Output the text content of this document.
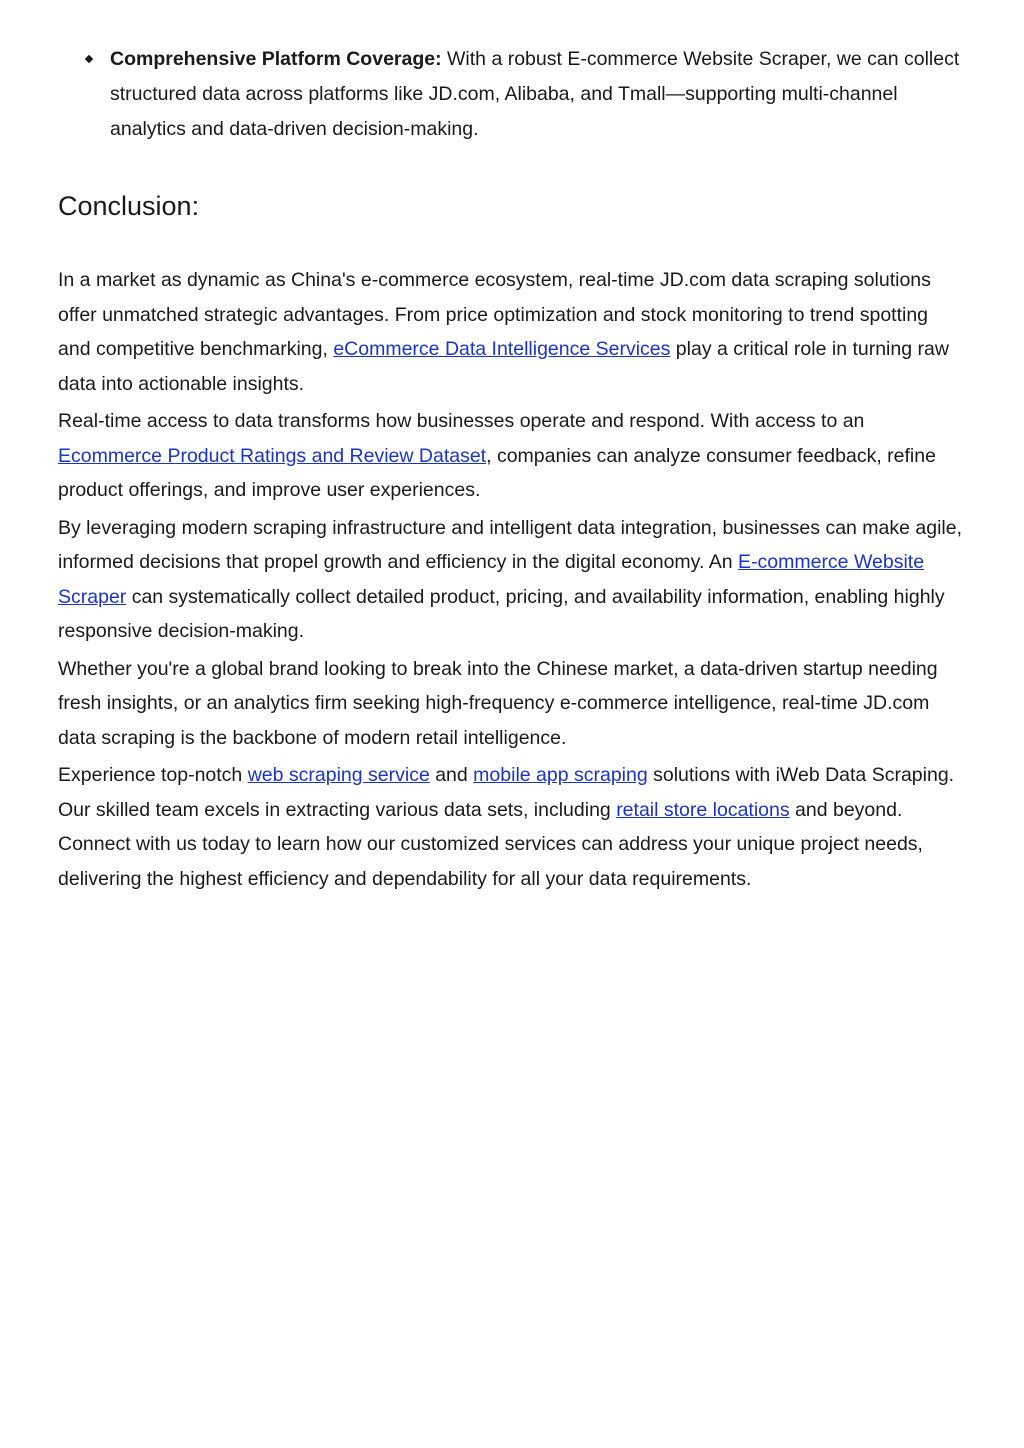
Comprehensive Platform Coverage: With a robust E-commerce Website Scraper, we can collect structured data across platforms like JD.com, Alibaba, and Tmall—supporting multi-channel analytics and data-driven decision-making.
Conclusion:

In a market as dynamic as China's e-commerce ecosystem, real-time JD.com data scraping solutions offer unmatched strategic advantages. From price optimization and stock monitoring to trend spotting and competitive benchmarking, eCommerce Data Intelligence Services play a critical role in turning raw data into actionable insights.

Real-time access to data transforms how businesses operate and respond. With access to an Ecommerce Product Ratings and Review Dataset, companies can analyze consumer feedback, refine product offerings, and improve user experiences.

By leveraging modern scraping infrastructure and intelligent data integration, businesses can make agile, informed decisions that propel growth and efficiency in the digital economy. An E-commerce Website Scraper can systematically collect detailed product, pricing, and availability information, enabling highly responsive decision-making.

Whether you're a global brand looking to break into the Chinese market, a data-driven startup needing fresh insights, or an analytics firm seeking high-frequency e-commerce intelligence, real-time JD.com data scraping is the backbone of modern retail intelligence.

Experience top-notch web scraping service and mobile app scraping solutions with iWeb Data Scraping. Our skilled team excels in extracting various data sets, including retail store locations and beyond. Connect with us today to learn how our customized services can address your unique project needs, delivering the highest efficiency and dependability for all your data requirements.
